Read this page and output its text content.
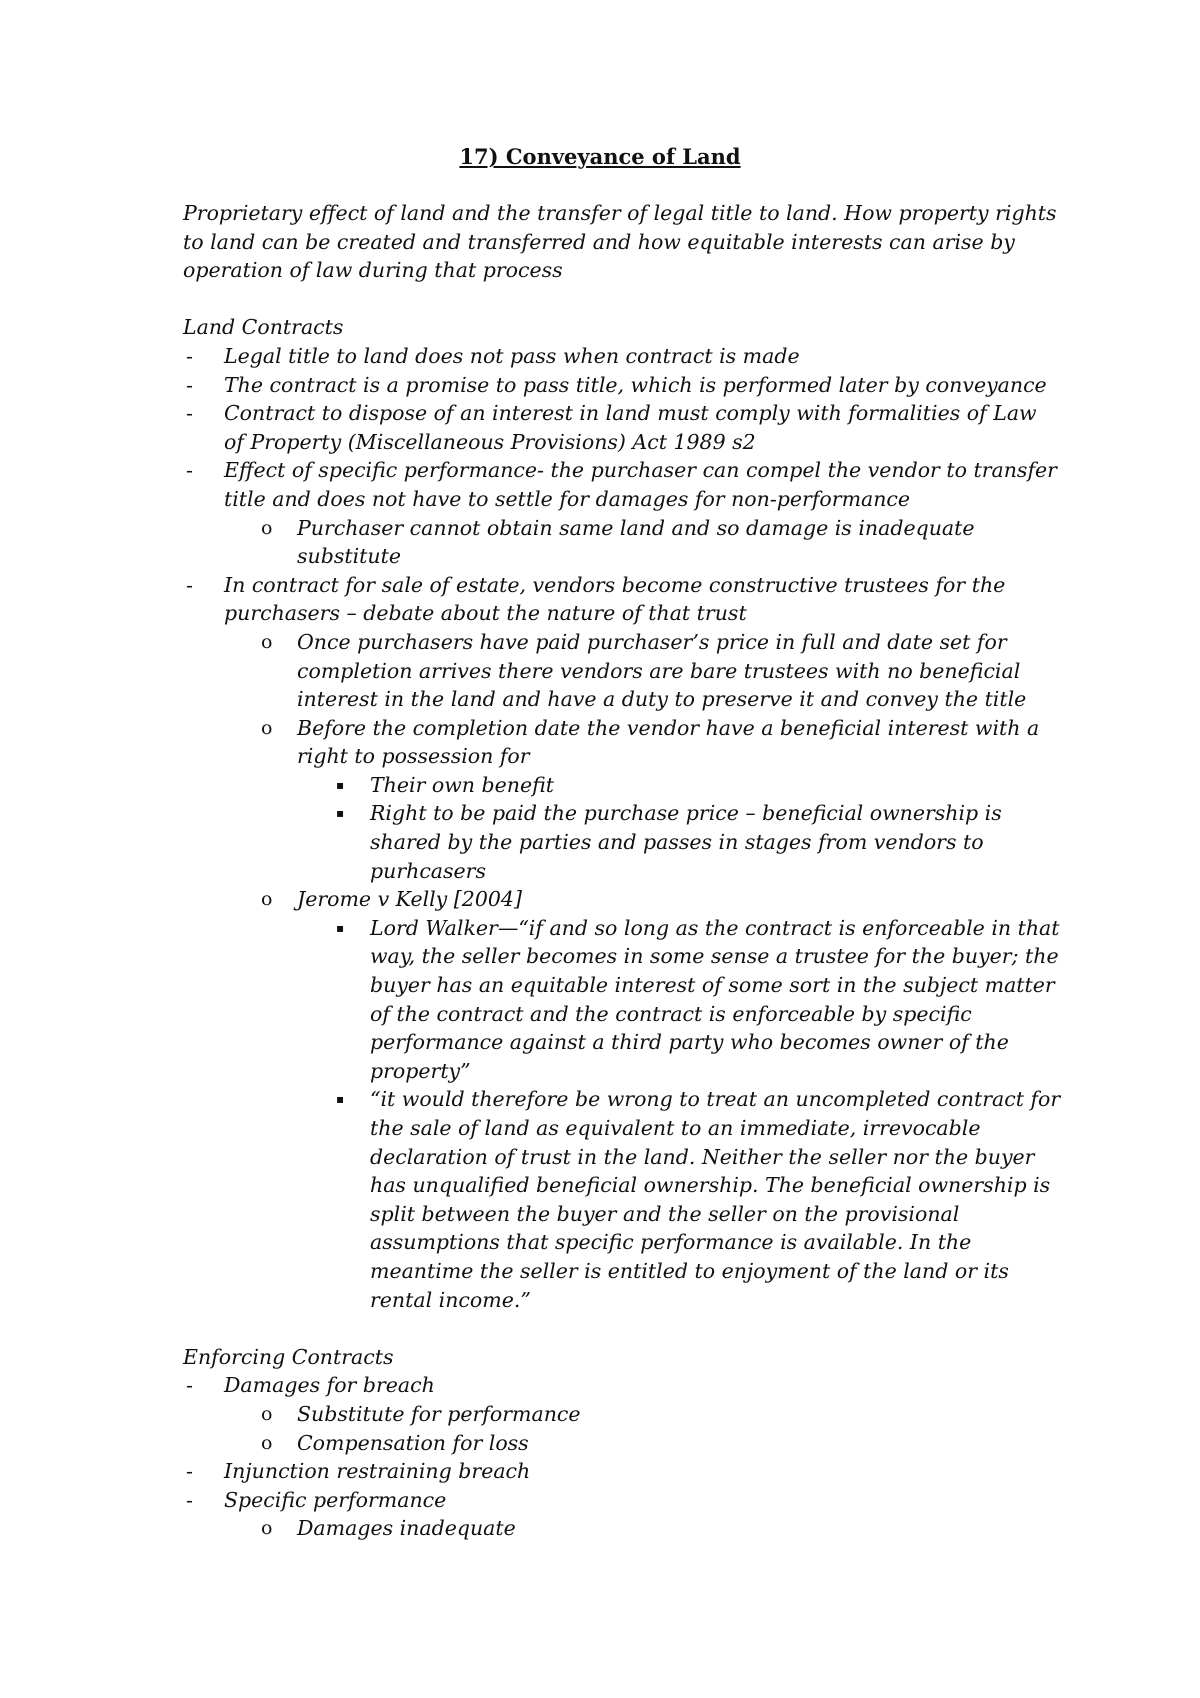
17) Conveyance of Land

Proprietary effect of land and the transfer of legal title to land. How property rights to land can be created and transferred and how equitable interests can arise by operation of law during that process

Land Contracts

- Legal title to land does not pass when contract is made
- The contract is a promise to pass title, which is performed later by conveyance
- Contract to dispose of an interest in land must comply with formalities of Law of Property (Miscellaneous Provisions) Act 1989 s2
- Effect of specific performance- the purchaser can compel the vendor to transfer title and does not have to settle for damages for non-performance
o Purchaser cannot obtain same land and so damage is inadequate substitute
- In contract for sale of estate, vendors become constructive trustees for the purchasers – debate about the nature of that trust
o Once purchasers have paid purchaser’s price in full and date set for completion arrives there vendors are bare trustees with no beneficial interest in the land and have a duty to preserve it and convey the title
o Before the completion date the vendor have a beneficial interest with a right to possession for
▪ Their own benefit
▪ Right to be paid the purchase price – beneficial ownership is shared by the parties and passes in stages from vendors to purhcasers
o Jerome v Kelly [2004]
▪ Lord Walker—“if and so long as the contract is enforceable in that way, the seller becomes in some sense a trustee for the buyer; the buyer has an equitable interest of some sort in the subject matter of the contract and the contract is enforceable by specific performance against a third party who becomes owner of the property”
▪ “it would therefore be wrong to treat an uncompleted contract for the sale of land as equivalent to an immediate, irrevocable declaration of trust in the land. Neither the seller nor the buyer has unqualified beneficial ownership. The beneficial ownership is split between the buyer and the seller on the provisional assumptions that specific performance is available. In the meantime the seller is entitled to enjoyment of the land or its rental income.”

Enforcing Contracts

- Damages for breach
o Substitute for performance
o Compensation for loss
- Injunction restraining breach
- Specific performance
o Damages inadequate
